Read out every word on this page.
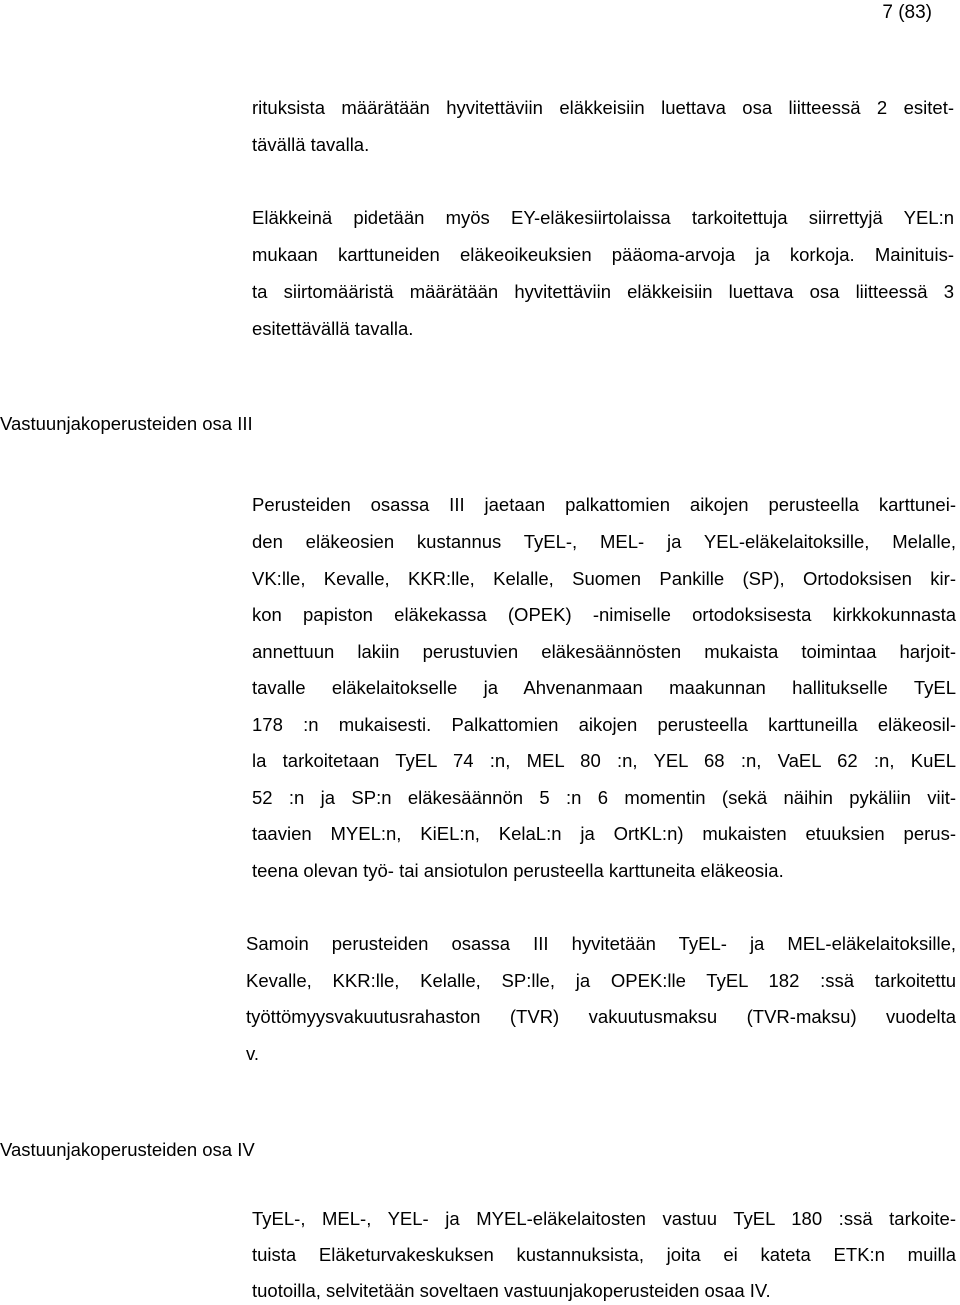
7 (83)
rituksista määrätään hyvitettäviin eläkkeisiin luettava osa liitteessä 2 esitet-
tävällä tavalla.
Eläkkeinä pidetään myös EY-eläkesiirtolaissa tarkoitettuja siirrettyjä YEL:n
mukaan karttuneiden eläkeoikeuksien pääoma-arvoja ja korkoja. Mainituis-
ta siirtomääristä määrätään hyvitettäviin eläkkeisiin luettava osa liitteessä 3
esitettävällä tavalla.
Vastuunjakoperusteiden osa III
Perusteiden osassa III jaetaan palkattomien aikojen perusteella karttunei-
den eläkeosien kustannus TyEL-, MEL- ja YEL-eläkelaitoksille, Melalle,
VK:lle, Kevalle, KKR:lle, Kelalle, Suomen Pankille (SP), Ortodoksisen kir-
kon papiston eläkekassa (OPEK) -nimiselle ortodoksisesta kirkkokunnasta
annettuun lakiin perustuvien eläkesäännösten mukaista toimintaa harjoit-
tavalle eläkelaitokselle ja Ahvenanmaan maakunnan hallitukselle TyEL
178 :n mukaisesti. Palkattomien aikojen perusteella karttuneilla eläkeosil-
la tarkoitetaan TyEL 74 :n, MEL 80 :n, YEL 68 :n, VaEL 62 :n, KuEL
52 :n ja SP:n eläkesäännön 5 :n 6 momentin (sekä näihin pykäliin viit-
taavien MYEL:n, KiEL:n, KelaL:n ja OrtKL:n) mukaisten etuuksien perus-
teena olevan työ- tai ansiotulon perusteella karttuneita eläkeosia.
Samoin perusteiden osassa III hyvitetään TyEL- ja MEL-eläkelaitoksille,
Kevalle, KKR:lle, Kelalle, SP:lle, ja OPEK:lle TyEL 182 :ssä tarkoitettu
työttömyysvakuutusrahaston (TVR) vakuutusmaksu (TVR-maksu) vuodelta
v.
Vastuunjakoperusteiden osa IV
TyEL-, MEL-, YEL- ja MYEL-eläkelaitosten vastuu TyEL 180 :ssä tarkoite-
tuista Eläketurvakeskuksen kustannuksista, joita ei kateta ETK:n muilla
tuotoilla, selvitetään soveltaen vastuunjakoperusteiden osaa IV.
